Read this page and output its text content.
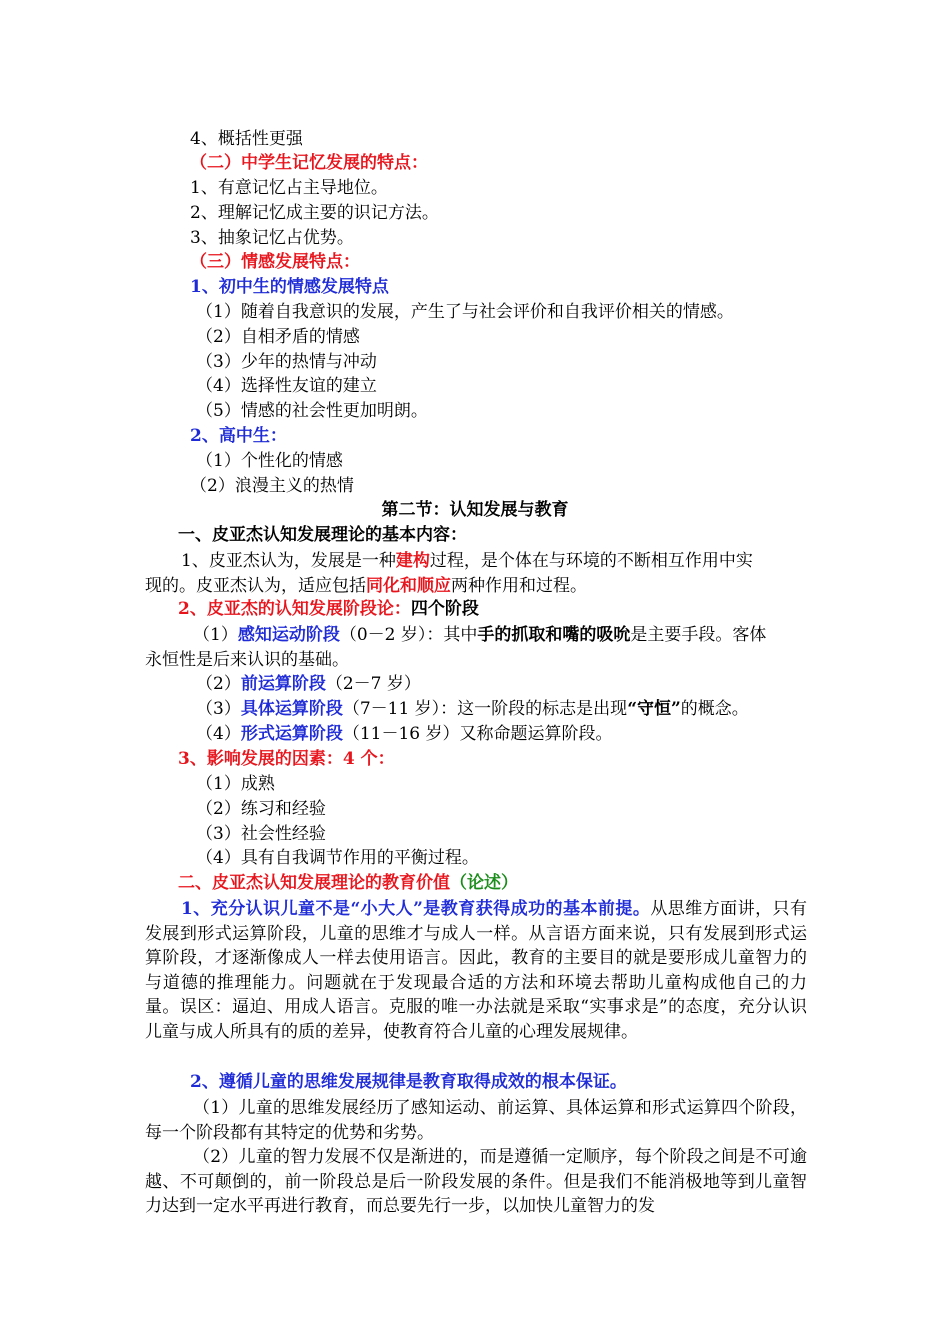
4、概括性更强
（二）中学生记忆发展的特点：
1、有意记忆占主导地位。
2、理解记忆成主要的识记方法。
3、抽象记忆占优势。
（三）情感发展特点：
1、初中生的情感发展特点
（1）随着自我意识的发展，产生了与社会评价和自我评价相关的情感。
（2）自相矛盾的情感
（3）少年的热情与冲动
（4）选择性友谊的建立
（5）情感的社会性更加明朗。
2、高中生：
（1）个性化的情感
（2）浪漫主义的热情
第二节：认知发展与教育
一、皮亚杰认知发展理论的基本内容：
1、皮亚杰认为，发展是一种建构过程，是个体在与环境的不断相互作用中实
现的。皮亚杰认为，适应包括同化和顺应两种作用和过程。
2、皮亚杰的认知发展阶段论：四个阶段
（1）感知运动阶段（0－2 岁）：其中手的抓取和嘴的吸吮是主要手段。客体
永恒性是后来认识的基础。
（2）前运算阶段（2－7 岁）
（3）具体运算阶段（7－11 岁）：这一阶段的标志是出现“守恒”的概念。
（4）形式运算阶段（11－16 岁）又称命题运算阶段。
3、影响发展的因素：4 个：
（1）成熟
（2）练习和经验
（3）社会性经验
（4）具有自我调节作用的平衡过程。
二、皮亚杰认知发展理论的教育价值（论述）
1、充分认识儿童不是“小大人”是教育获得成功的基本前提。从思维方面讲，只有发展到形式运算阶段，儿童的思维才与成人一样。从言语方面来说，只有发展到形式运算阶段，才逐渐像成人一样去使用语言。因此，教育的主要目的就是要形成儿童智力的与道德的推理能力。问题就在于发现最合适的方法和环境去帮助儿童构成他自己的力量。误区：逼迫、用成人语言。克服的唯一办法就是采取“实事求是”的态度，充分认识儿童与成人所具有的质的差异，使教育符合儿童的心理发展规律。
2、遵循儿童的思维发展规律是教育取得成效的根本保证。
（1）儿童的思维发展经历了感知运动、前运算、具体运算和形式运算四个阶段，每一个阶段都有其特定的优势和劣势。
（2）儿童的智力发展不仅是渐进的，而是遵循一定顺序，每个阶段之间是不可逾越、不可颠倒的，前一阶段总是后一阶段发展的条件。但是我们不能消极地等到儿童智力达到一定水平再进行教育，而总要先行一步，以加快儿童智力的发
